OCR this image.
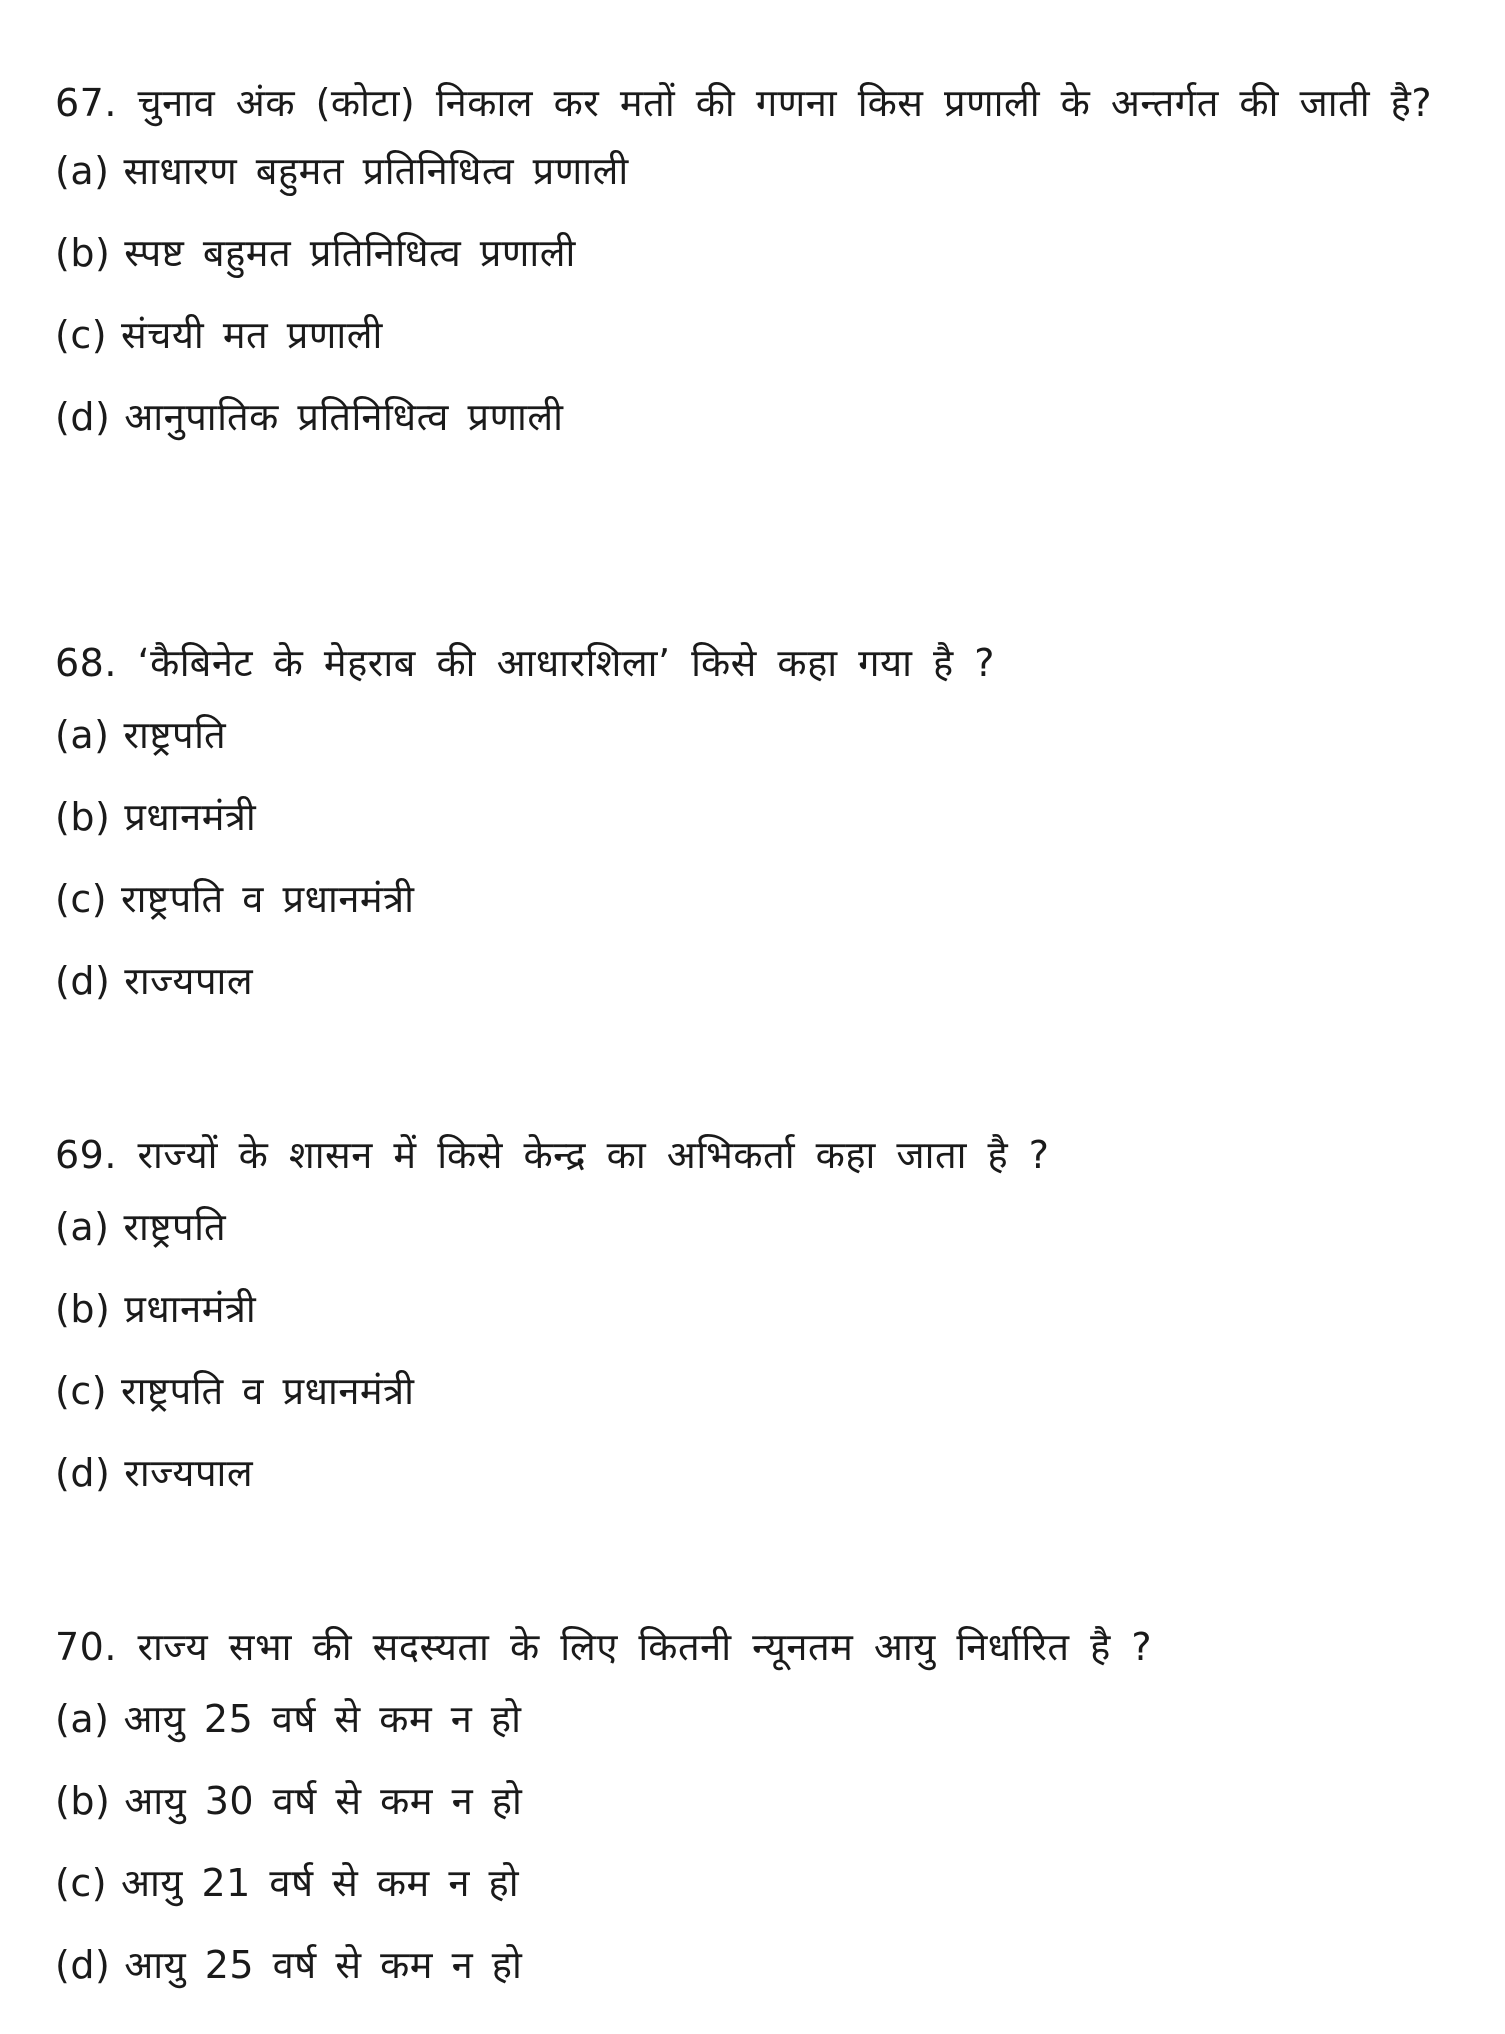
67. चुनाव अंक (कोटा) निकाल कर मतों की गणना किस प्रणाली के अन्तर्गत की जाती है?

(a) साधारण बहुमत प्रतिनिधित्व प्रणाली
(b) स्पष्ट बहुमत प्रतिनिधित्व प्रणाली
(c) संचयी मत प्रणाली
(d) आनुपातिक प्रतिनिधित्व प्रणाली

68. ‘कैबिनेट के मेहराब की आधारशिला’ किसे कहा गया है ?

(a) राष्ट्रपति
(b) प्रधानमंत्री
(c) राष्ट्रपति व प्रधानमंत्री
(d) राज्यपाल

69. राज्यों के शासन में किसे केन्द्र का अभिकर्ता कहा जाता है ?

(a) राष्ट्रपति
(b) प्रधानमंत्री
(c) राष्ट्रपति व प्रधानमंत्री
(d) राज्यपाल

70. राज्य सभा की सदस्यता के लिए कितनी न्यूनतम आयु निर्धारित है ?

(a) आयु 25 वर्ष से कम न हो
(b) आयु 30 वर्ष से कम न हो
(c) आयु 21 वर्ष से कम न हो
(d) आयु 25 वर्ष से कम न हो
